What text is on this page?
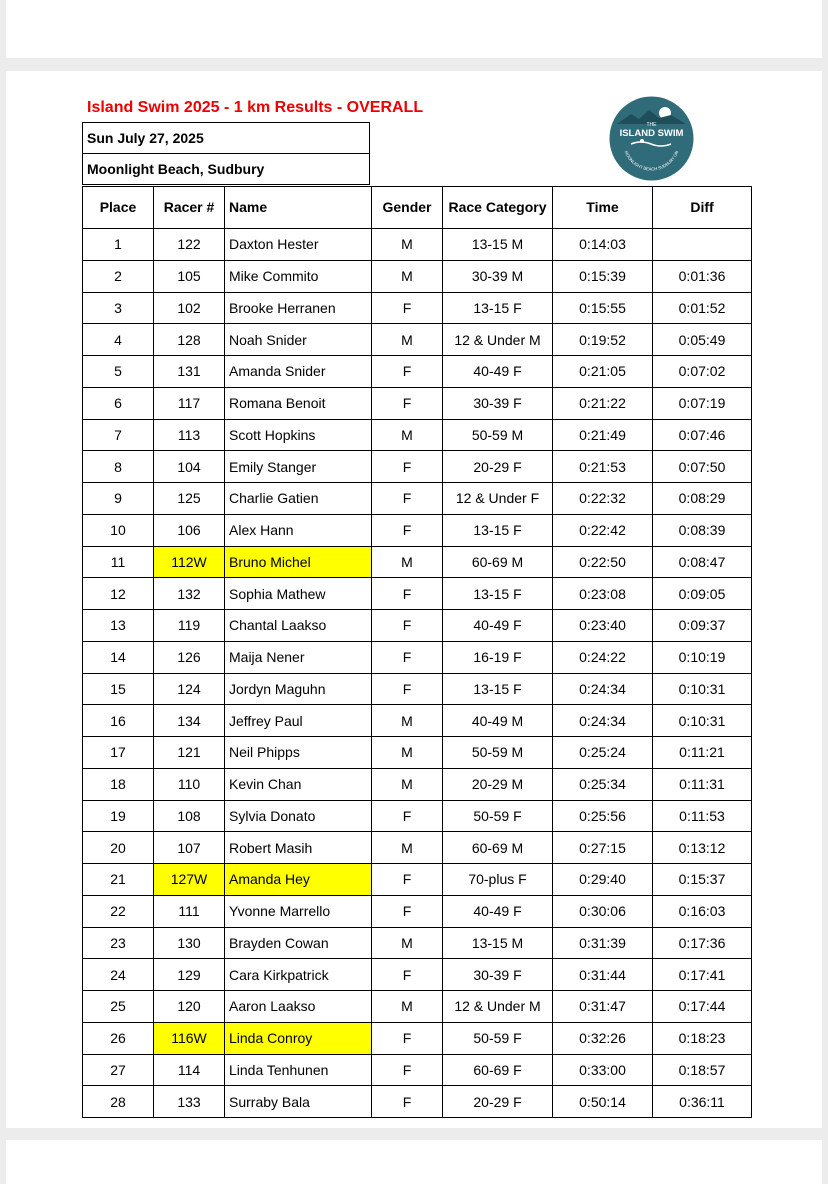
Island Swim 2025 - 1 km Results - OVERALL
THE
ISLAND SWIM
MOONLIGHT BEACH SUDBURY ON
Sun July 27, 2025
Moonlight Beach, Sudbury
Place	Racer #	Name	Gender	Race Category	Time	Diff
1	122	Daxton Hester	M	13-15 M	0:14:03	
2	105	Mike Commito	M	30-39 M	0:15:39	0:01:36
3	102	Brooke Herranen	F	13-15 F	0:15:55	0:01:52
4	128	Noah Snider	M	12 & Under M	0:19:52	0:05:49
5	131	Amanda Snider	F	40-49 F	0:21:05	0:07:02
6	117	Romana Benoit	F	30-39 F	0:21:22	0:07:19
7	113	Scott Hopkins	M	50-59 M	0:21:49	0:07:46
8	104	Emily Stanger	F	20-29 F	0:21:53	0:07:50
9	125	Charlie Gatien	F	12 & Under F	0:22:32	0:08:29
10	106	Alex Hann	F	13-15 F	0:22:42	0:08:39
11	112W	Bruno Michel	M	60-69 M	0:22:50	0:08:47
12	132	Sophia Mathew	F	13-15 F	0:23:08	0:09:05
13	119	Chantal Laakso	F	40-49 F	0:23:40	0:09:37
14	126	Maija Nener	F	16-19 F	0:24:22	0:10:19
15	124	Jordyn Maguhn	F	13-15 F	0:24:34	0:10:31
16	134	Jeffrey Paul	M	40-49 M	0:24:34	0:10:31
17	121	Neil Phipps	M	50-59 M	0:25:24	0:11:21
18	110	Kevin Chan	M	20-29 M	0:25:34	0:11:31
19	108	Sylvia Donato	F	50-59 F	0:25:56	0:11:53
20	107	Robert Masih	M	60-69 M	0:27:15	0:13:12
21	127W	Amanda Hey	F	70-plus F	0:29:40	0:15:37
22	111	Yvonne Marrello	F	40-49 F	0:30:06	0:16:03
23	130	Brayden Cowan	M	13-15 M	0:31:39	0:17:36
24	129	Cara Kirkpatrick	F	30-39 F	0:31:44	0:17:41
25	120	Aaron Laakso	M	12 & Under M	0:31:47	0:17:44
26	116W	Linda Conroy	F	50-59 F	0:32:26	0:18:23
27	114	Linda Tenhunen	F	60-69 F	0:33:00	0:18:57
28	133	Surraby Bala	F	20-29 F	0:50:14	0:36:11
